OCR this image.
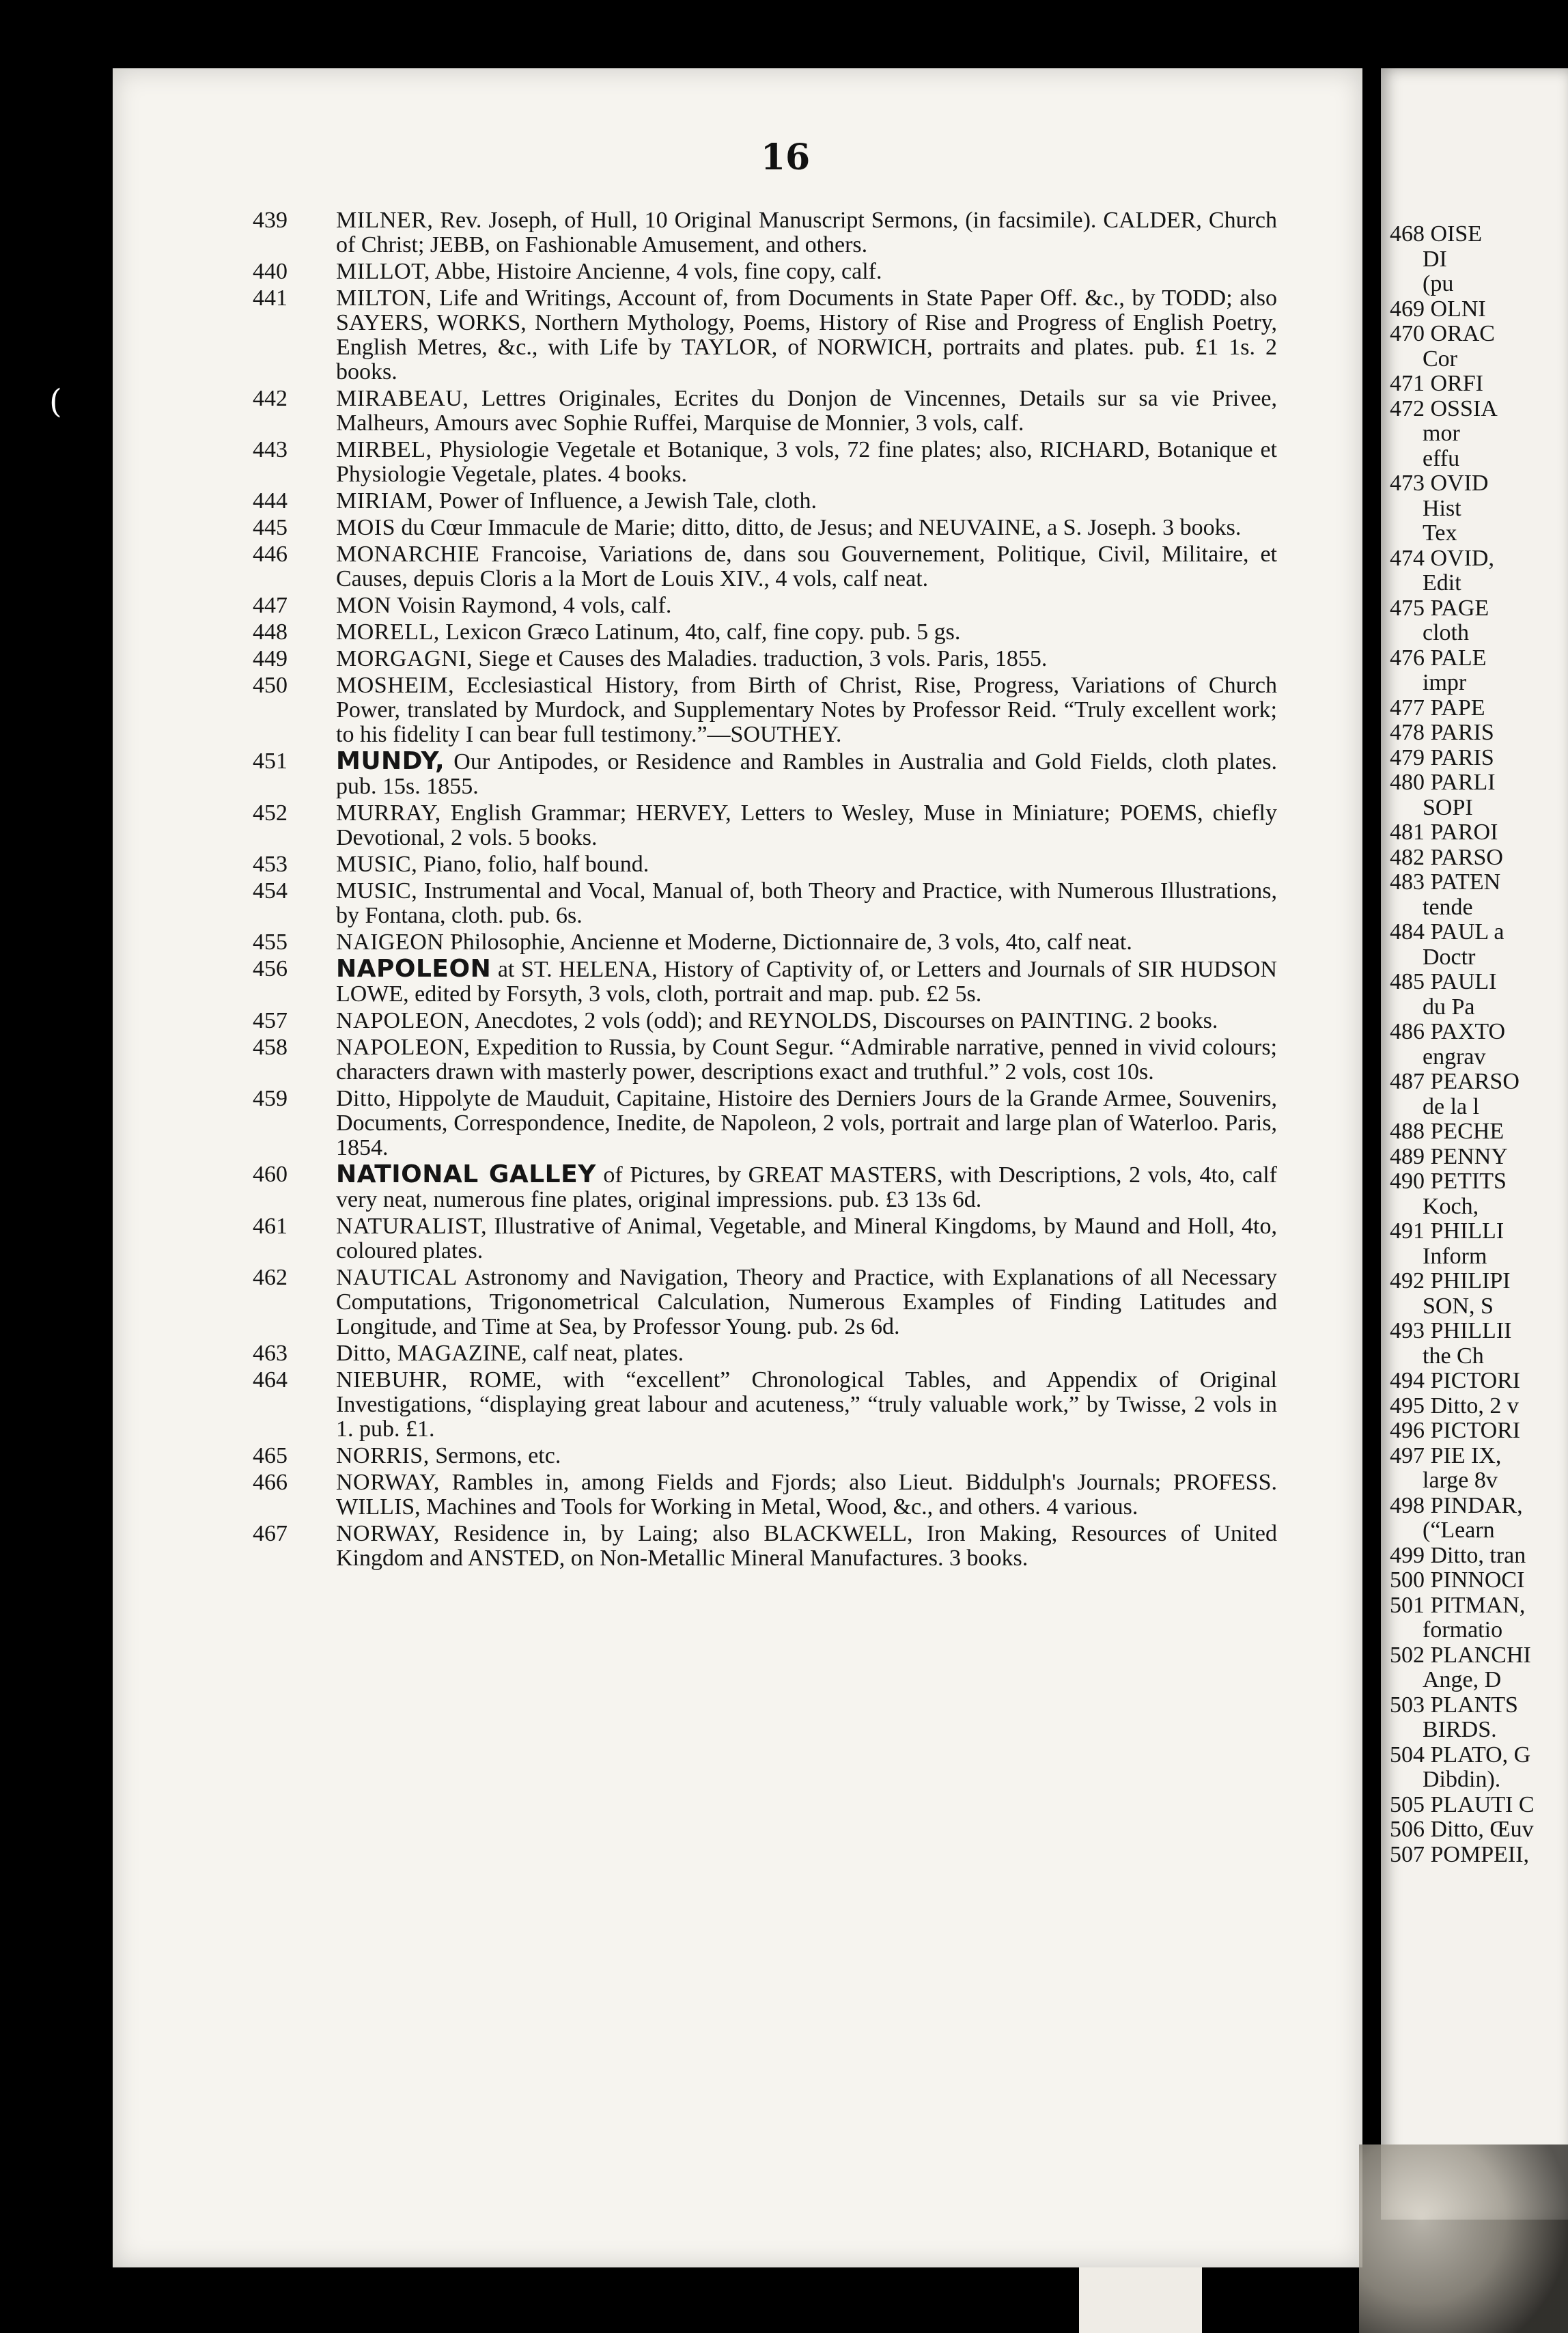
(
16
439	MILNER, Rev. Joseph, of Hull, 10 Original Manuscript Sermons, (in facsimile). CALDER, Church of Christ; JEBB, on Fashionable Amusement, and others.
440	MILLOT, Abbe, Histoire Ancienne, 4 vols, fine copy, calf.
441	MILTON, Life and Writings, Account of, from Documents in State Paper Off. &c., by TODD; also SAYERS, WORKS, Northern Mythology, Poems, History of Rise and Progress of English Poetry, English Metres, &c., with Life by TAYLOR, of NORWICH, portraits and plates. pub. £1 1s. 2 books.
442	MIRABEAU, Lettres Originales, Ecrites du Donjon de Vincennes, Details sur sa vie Privee, Malheurs, Amours avec Sophie Ruffei, Marquise de Monnier, 3 vols, calf.
443	MIRBEL, Physiologie Vegetale et Botanique, 3 vols, 72 fine plates; also, RICHARD, Botanique et Physiologie Vegetale, plates. 4 books.
444	MIRIAM, Power of Influence, a Jewish Tale, cloth.
445	MOIS du Cœur Immacule de Marie; ditto, ditto, de Jesus; and NEUVAINE, a S. Joseph. 3 books.
446	MONARCHIE Francoise, Variations de, dans sou Gouvernement, Politique, Civil, Militaire, et Causes, depuis Cloris a la Mort de Louis XIV., 4 vols, calf neat.
447	MON Voisin Raymond, 4 vols, calf.
448	MORELL, Lexicon Græco Latinum, 4to, calf, fine copy. pub. 5 gs.
449	MORGAGNI, Siege et Causes des Maladies. traduction, 3 vols. Paris, 1855.
450	MOSHEIM, Ecclesiastical History, from Birth of Christ, Rise, Progress, Variations of Church Power, translated by Murdock, and Supplementary Notes by Professor Reid. “Truly excellent work; to his fidelity I can bear full testimony.”—SOUTHEY.
451	MUNDY, Our Antipodes, or Residence and Rambles in Australia and Gold Fields, cloth plates. pub. 15s. 1855.
452	MURRAY, English Grammar; HERVEY, Letters to Wesley, Muse in Miniature; POEMS, chiefly Devotional, 2 vols. 5 books.
453	MUSIC, Piano, folio, half bound.
454	MUSIC, Instrumental and Vocal, Manual of, both Theory and Practice, with Numerous Illustrations, by Fontana, cloth. pub. 6s.
455	NAIGEON Philosophie, Ancienne et Moderne, Dictionnaire de, 3 vols, 4to, calf neat.
456	NAPOLEON at ST. HELENA, History of Captivity of, or Letters and Journals of SIR HUDSON LOWE, edited by Forsyth, 3 vols, cloth, portrait and map. pub. £2 5s.
457	NAPOLEON, Anecdotes, 2 vols (odd); and REYNOLDS, Discourses on PAINTING. 2 books.
458	NAPOLEON, Expedition to Russia, by Count Segur. “Admirable narrative, penned in vivid colours; characters drawn with masterly power, descriptions exact and truthful.” 2 vols, cost 10s.
459	Ditto, Hippolyte de Mauduit, Capitaine, Histoire des Derniers Jours de la Grande Armee, Souvenirs, Documents, Correspondence, Inedite, de Napoleon, 2 vols, portrait and large plan of Waterloo. Paris, 1854.
460	NATIONAL GALLEY of Pictures, by GREAT MASTERS, with Descriptions, 2 vols, 4to, calf very neat, numerous fine plates, original impressions. pub. £3 13s 6d.
461	NATURALIST, Illustrative of Animal, Vegetable, and Mineral Kingdoms, by Maund and Holl, 4to, coloured plates.
462	NAUTICAL Astronomy and Navigation, Theory and Practice, with Explanations of all Necessary Computations, Trigonometrical Calculation, Numerous Examples of Finding Latitudes and Longitude, and Time at Sea, by Professor Young. pub. 2s 6d.
463	Ditto, MAGAZINE, calf neat, plates.
464	NIEBUHR, ROME, with “excellent” Chronological Tables, and Appendix of Original Investigations, “displaying great labour and acuteness,” “truly valuable work,” by Twisse, 2 vols in 1. pub. £1.
465	NORRIS, Sermons, etc.
466	NORWAY, Rambles in, among Fields and Fjords; also Lieut. Biddulph's Journals; PROFESS. WILLIS, Machines and Tools for Working in Metal, Wood, &c., and others. 4 various.
467	NORWAY, Residence in, by Laing; also BLACKWELL, Iron Making, Resources of United Kingdom and ANSTED, on Non-Metallic Mineral Manufactures. 3 books.
468 OISE
DI
(pu
469 OLNI
470 ORAC
Cor
471 ORFI
472 OSSIA
mor
effu
473 OVID
Hist
Tex
474 OVID,
Edit
475 PAGE
cloth
476 PALE
impr
477 PAPE
478 PARIS
479 PARIS
480 PARLI
SOPI
481 PAROI
482 PARSO
483 PATEN
tende
484 PAUL a
Doctr
485 PAULI
du Pa
486 PAXTO
engrav
487 PEARSO
de la l
488 PECHE
489 PENNY
490 PETITS
Koch,
491 PHILLI
Inform
492 PHILIPI
SON, S
493 PHILLII
the Ch
494 PICTORI
495 Ditto, 2 v
496 PICTORI
497 PIE IX,
large 8v
498 PINDAR,
(“Learn
499 Ditto, tran
500 PINNOCI
501 PITMAN,
formatio
502 PLANCHI
Ange, D
503 PLANTS
BIRDS.
504 PLATO, G
Dibdin).
505 PLAUTI C
506 Ditto, Œuv
507 POMPEII,
